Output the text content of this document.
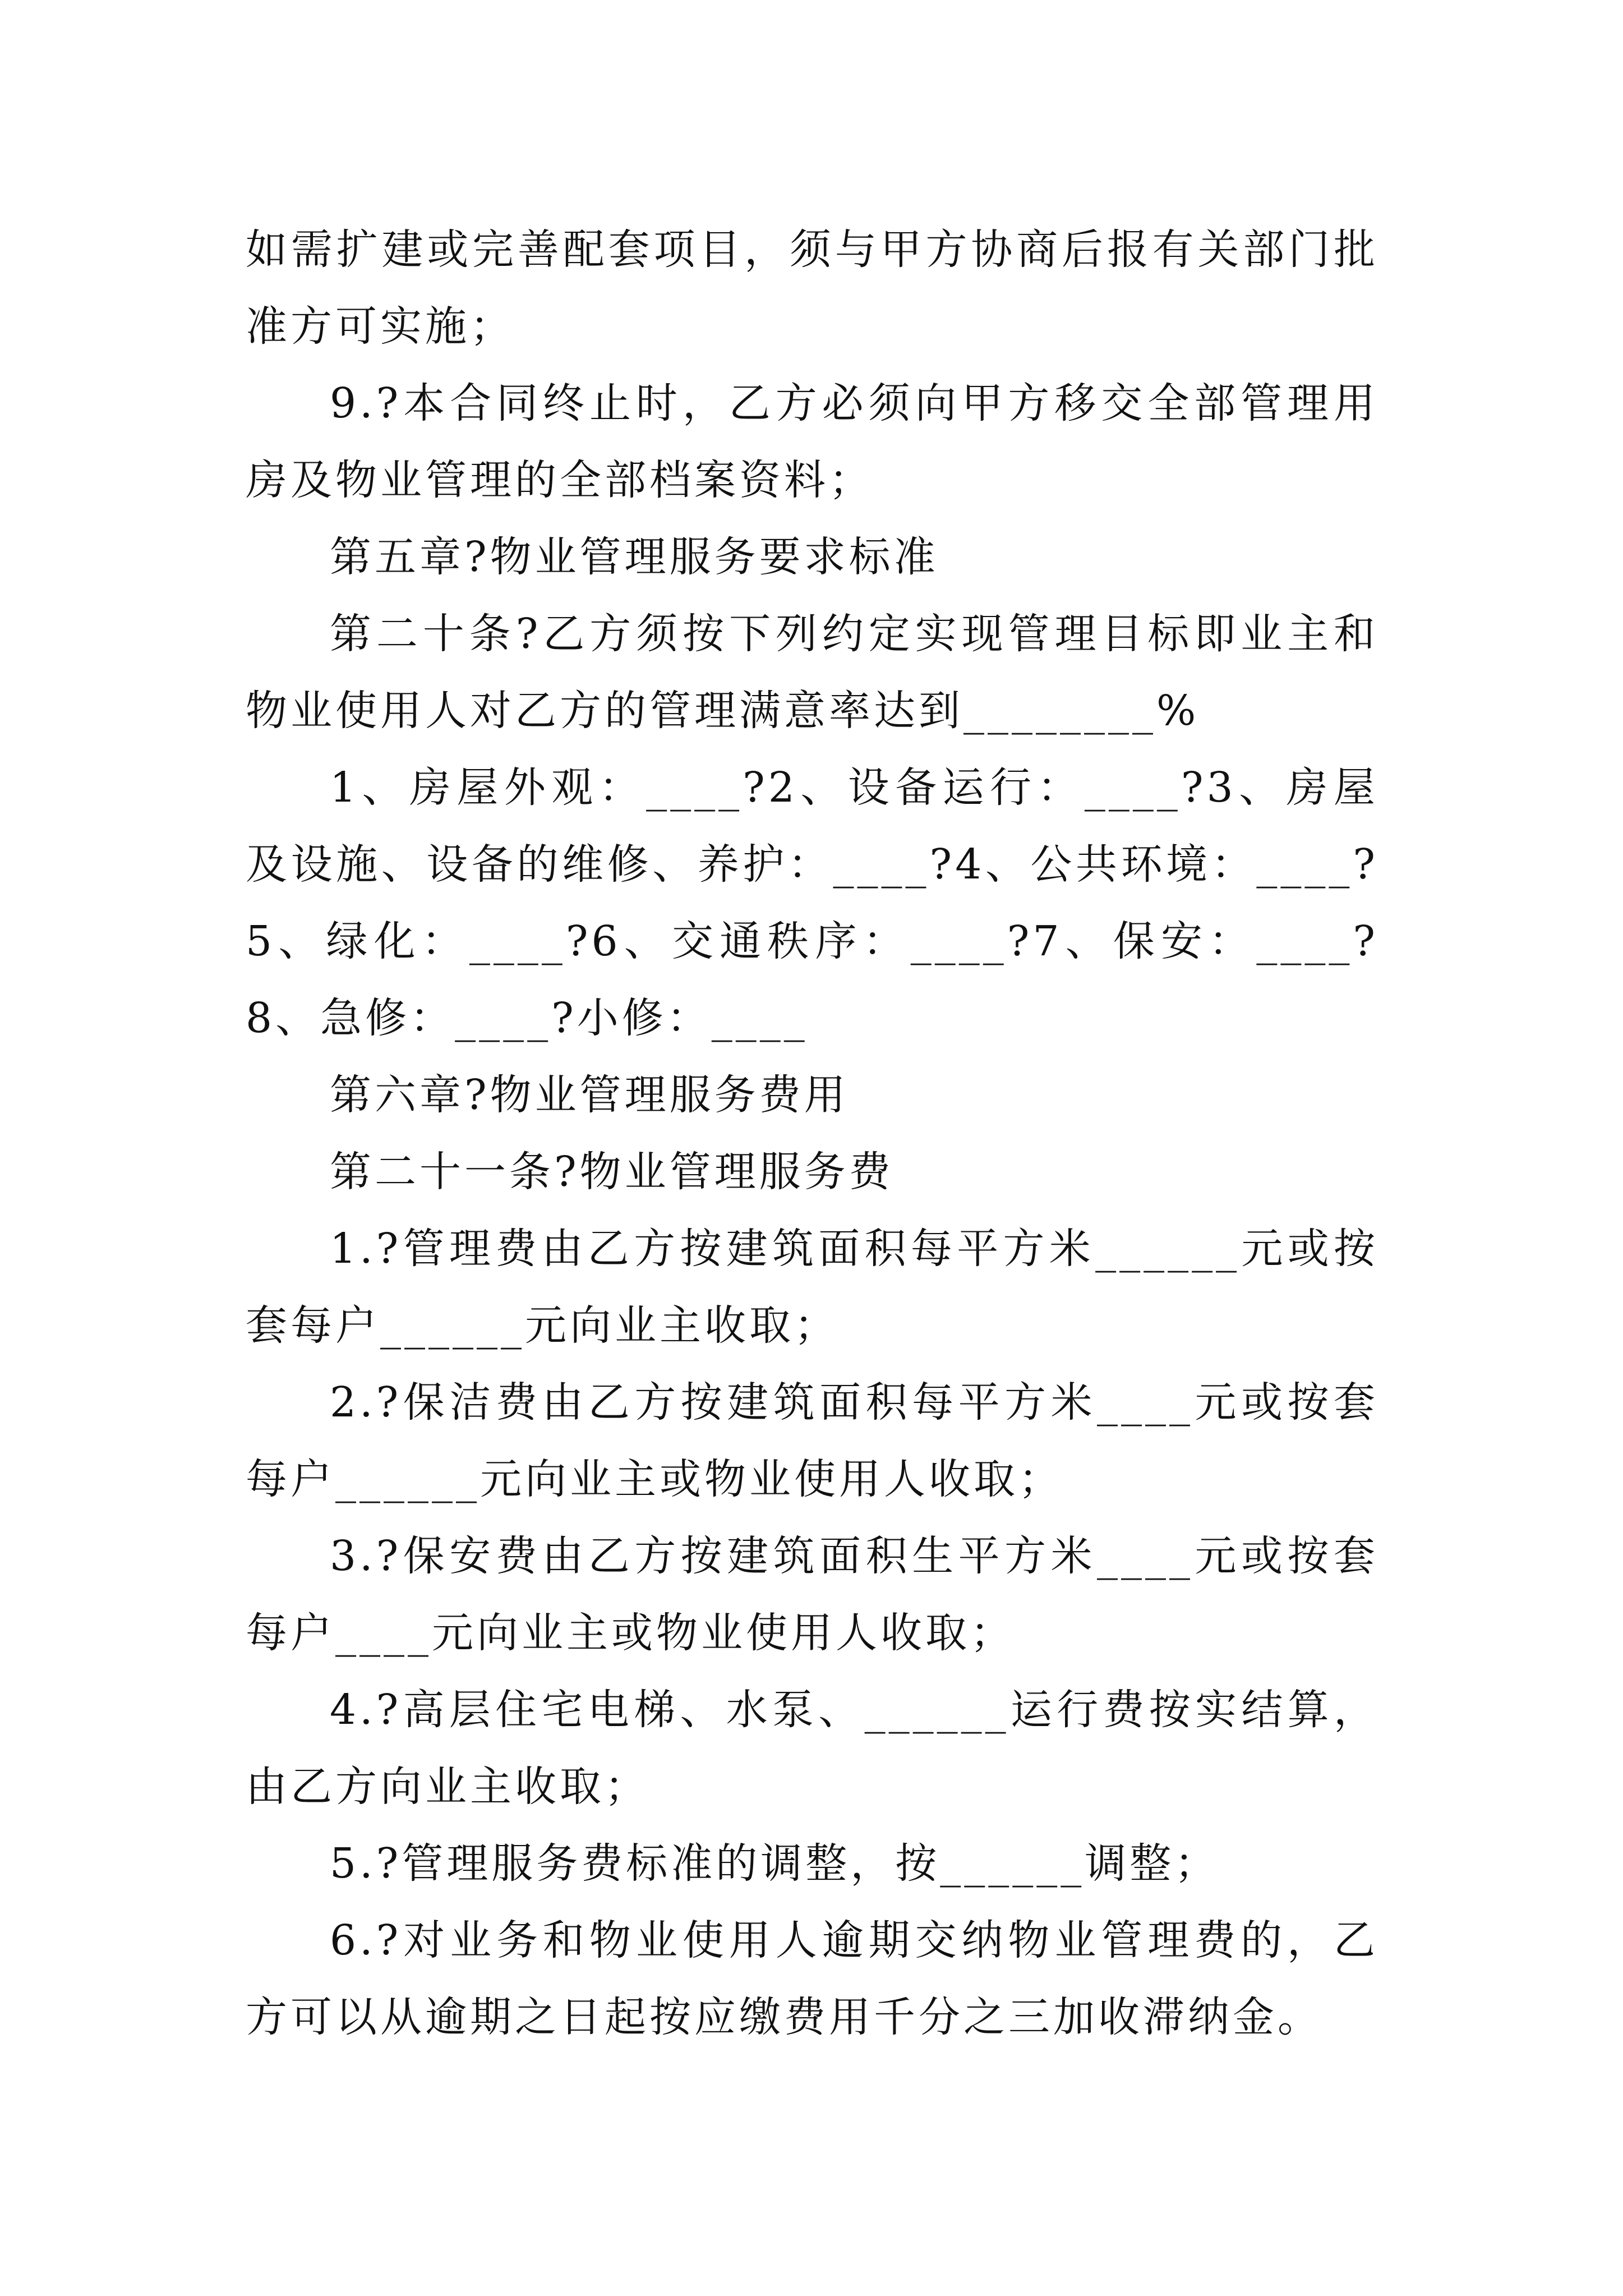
如需扩建或完善配套项目，须与甲方协商后报有关部门批准方可实施；

9.?本合同终止时，乙方必须向甲方移交全部管理用房及物业管理的全部档案资料；

第五章?物业管理服务要求标准

第二十条?乙方须按下列约定实现管理目标即业主和物业使用人对乙方的管理满意率达到________%

1、房屋外观：____?2、设备运行：____?3、房屋及设施、设备的维修、养护：____?4、公共环境：____?5、绿化：____?6、交通秩序：____?7、保安：____?8、急修：____?小修：____

第六章?物业管理服务费用

第二十一条?物业管理服务费

1.?管理费由乙方按建筑面积每平方米______元或按套每户______元向业主收取；

2.?保洁费由乙方按建筑面积每平方米____元或按套每户______元向业主或物业使用人收取；

3.?保安费由乙方按建筑面积生平方米____元或按套每户____元向业主或物业使用人收取；

4.?高层住宅电梯、水泵、______运行费按实结算，由乙方向业主收取；

5.?管理服务费标准的调整，按______调整；

6.?对业务和物业使用人逾期交纳物业管理费的，乙方可以从逾期之日起按应缴费用千分之三加收滞纳金。
